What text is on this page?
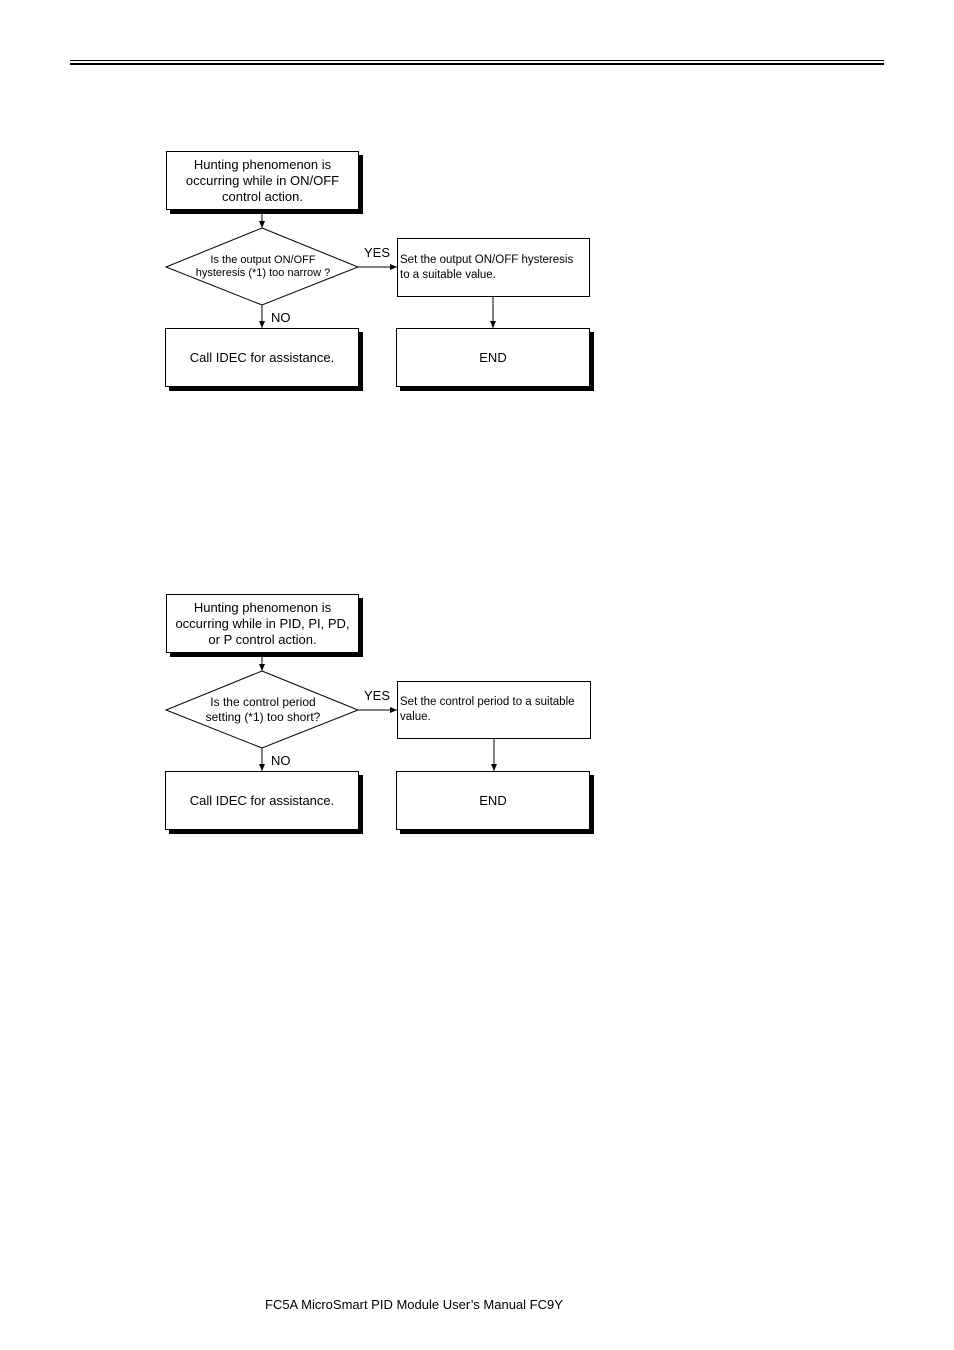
Hunting phenomenon is
occurring while in ON/OFF
control action.
Is the output ON/OFF
hysteresis (*1) too narrow ?
YES Set the output ON/OFF hysteresis
to a suitable value.
NO
Call IDEC for assistance.	END
Hunting phenomenon is
occurring while in PID, PI, PD,
or P control action.
Is the control period
setting (*1) too short?
YES Set the control period to a suitable
value.
NO
Call IDEC for assistance.	END
FC5A MicroSmart PID Module User’s Manual FC9Y
